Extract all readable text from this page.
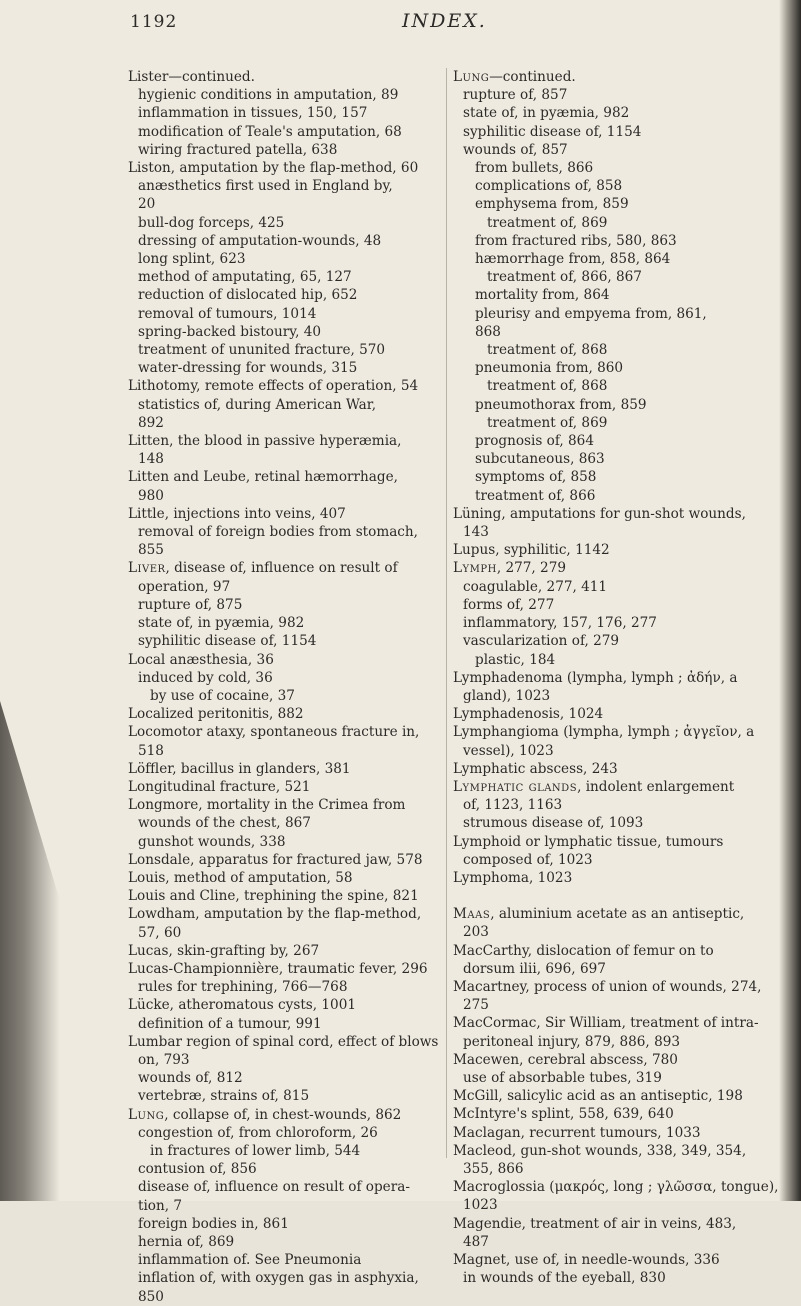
1192	INDEX.
Lister—continued.
hygienic conditions in amputation, 89
inflammation in tissues, 150, 157
modification of Teale's amputation, 68
wiring fractured patella, 638
Liston, amputation by the flap-method, 60
anæsthetics first used in England by,
20
bull-dog forceps, 425
dressing of amputation-wounds, 48
long splint, 623
method of amputating, 65, 127
reduction of dislocated hip, 652
removal of tumours, 1014
spring-backed bistoury, 40
treatment of ununited fracture, 570
water-dressing for wounds, 315
Lithotomy, remote effects of operation, 54
statistics of, during American War,
892
Litten, the blood in passive hyperæmia,
148
Litten and Leube, retinal hæmorrhage,
980
Little, injections into veins, 407
removal of foreign bodies from stomach,
855
Liver, disease of, influence on result of
operation, 97
rupture of, 875
state of, in pyæmia, 982
syphilitic disease of, 1154
Local anæsthesia, 36
induced by cold, 36
by use of cocaine, 37
Localized peritonitis, 882
Locomotor ataxy, spontaneous fracture in,
518
Löffler, bacillus in glanders, 381
Longitudinal fracture, 521
Longmore, mortality in the Crimea from
wounds of the chest, 867
gunshot wounds, 338
Lonsdale, apparatus for fractured jaw, 578
Louis, method of amputation, 58
Louis and Cline, trephining the spine, 821
Lowdham, amputation by the flap-method,
57, 60
Lucas, skin-grafting by, 267
Lucas-Championnière, traumatic fever, 296
rules for trephining, 766—768
Lücke, atheromatous cysts, 1001
definition of a tumour, 991
Lumbar region of spinal cord, effect of blows
on, 793
wounds of, 812
vertebræ, strains of, 815
Lung, collapse of, in chest-wounds, 862
congestion of, from chloroform, 26
in fractures of lower limb, 544
contusion of, 856
disease of, influence on result of opera-
tion, 7
foreign bodies in, 861
hernia of, 869
inflammation of. See Pneumonia
inflation of, with oxygen gas in asphyxia,
850
Lung—continued.
rupture of, 857
state of, in pyæmia, 982
syphilitic disease of, 1154
wounds of, 857
from bullets, 866
complications of, 858
emphysema from, 859
treatment of, 869
from fractured ribs, 580, 863
hæmorrhage from, 858, 864
treatment of, 866, 867
mortality from, 864
pleurisy and empyema from, 861,
868
treatment of, 868
pneumonia from, 860
treatment of, 868
pneumothorax from, 859
treatment of, 869
prognosis of, 864
subcutaneous, 863
symptoms of, 858
treatment of, 866
Lüning, amputations for gun-shot wounds,
143
Lupus, syphilitic, 1142
Lymph, 277, 279
coagulable, 277, 411
forms of, 277
inflammatory, 157, 176, 277
vascularization of, 279
plastic, 184
Lymphadenoma (lympha, lymph ; ἀδήν, a
gland), 1023
Lymphadenosis, 1024
Lymphangioma (lympha, lymph ; ἀγγεῖον, a
vessel), 1023
Lymphatic abscess, 243
Lymphatic glands, indolent enlargement
of, 1123, 1163
strumous disease of, 1093
Lymphoid or lymphatic tissue, tumours
composed of, 1023
Lymphoma, 1023
Maas, aluminium acetate as an antiseptic,
203
MacCarthy, dislocation of femur on to
dorsum ilii, 696, 697
Macartney, process of union of wounds, 274,
275
MacCormac, Sir William, treatment of intra-
peritoneal injury, 879, 886, 893
Macewen, cerebral abscess, 780
use of absorbable tubes, 319
McGill, salicylic acid as an antiseptic, 198
McIntyre's splint, 558, 639, 640
Maclagan, recurrent tumours, 1033
Macleod, gun-shot wounds, 338, 349, 354,
355, 866
Macroglossia (μακρός, long ; γλῶσσα, tongue),
1023
Magendie, treatment of air in veins, 483,
487
Magnet, use of, in needle-wounds, 336
in wounds of the eyeball, 830
